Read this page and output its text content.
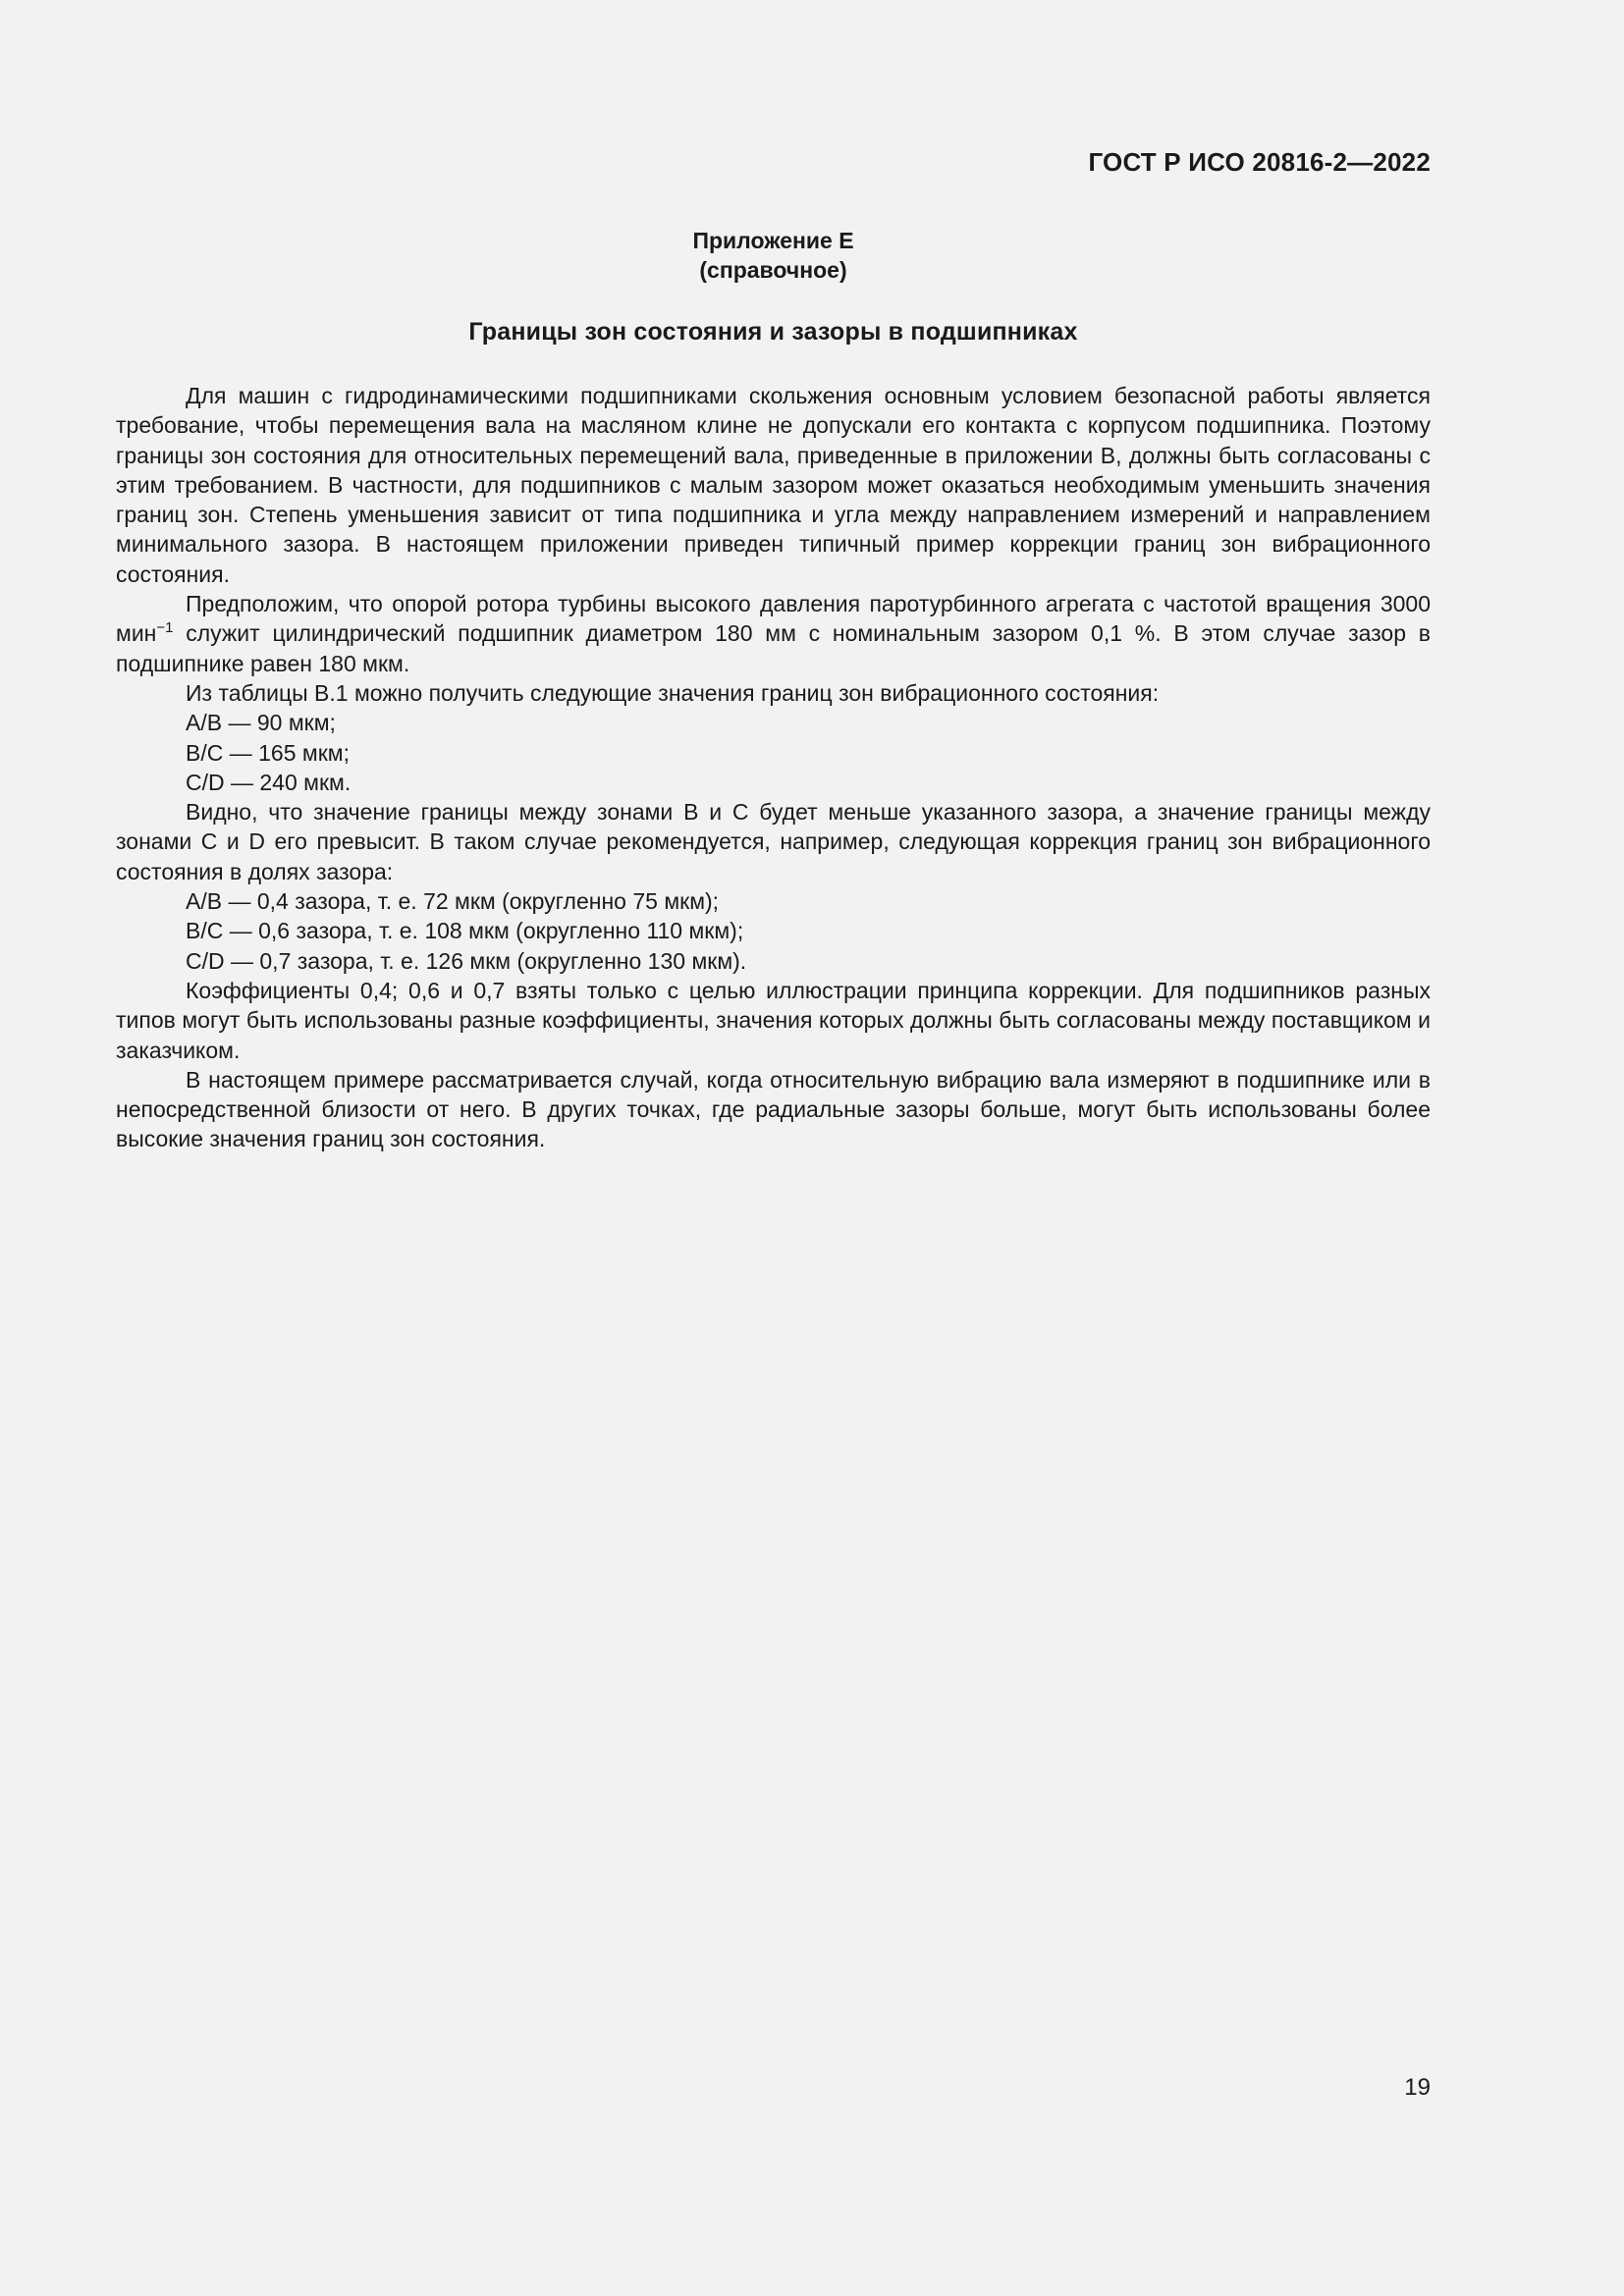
ГОСТ Р ИСО 20816-2—2022
Приложение Е
(справочное)
Границы зон состояния и зазоры в подшипниках

Для машин с гидродинамическими подшипниками скольжения основным условием безопасной работы является требование, чтобы перемещения вала на масляном клине не допускали его контакта с корпусом подшипника. Поэтому границы зон состояния для относительных перемещений вала, приведенные в приложении В, должны быть согласованы с этим требованием. В частности, для подшипников с малым зазором может оказаться необходимым уменьшить значения границ зон. Степень уменьшения зависит от типа подшипника и угла между направлением измерений и направлением минимального зазора. В настоящем приложении приведен типичный пример коррекции границ зон вибрационного состояния.

Предположим, что опорой ротора турбины высокого давления паротурбинного агрегата с частотой вращения 3000 мин$^{-1}$ служит цилиндрический подшипник диаметром 180 мм с номинальным зазором 0,1 %. В этом случае зазор в подшипнике равен 180 мкм.

Из таблицы В.1 можно получить следующие значения границ зон вибрационного состояния:

A/B — 90 мкм;

B/C — 165 мкм;

C/D — 240 мкм.

Видно, что значение границы между зонами В и С будет меньше указанного зазора, а значение границы между зонами С и D его превысит. В таком случае рекомендуется, например, следующая коррекция границ зон вибрационного состояния в долях зазора:

A/B — 0,4 зазора, т. е. 72 мкм (округленно 75 мкм);

B/C — 0,6 зазора, т. е. 108 мкм (округленно 110 мкм);

C/D — 0,7 зазора, т. е. 126 мкм (округленно 130 мкм).

Коэффициенты 0,4; 0,6 и 0,7 взяты только с целью иллюстрации принципа коррекции. Для подшипников разных типов могут быть использованы разные коэффициенты, значения которых должны быть согласованы между поставщиком и заказчиком.

В настоящем примере рассматривается случай, когда относительную вибрацию вала измеряют в подшипнике или в непосредственной близости от него. В других точках, где радиальные зазоры больше, могут быть использованы более высокие значения границ зон состояния.

19
